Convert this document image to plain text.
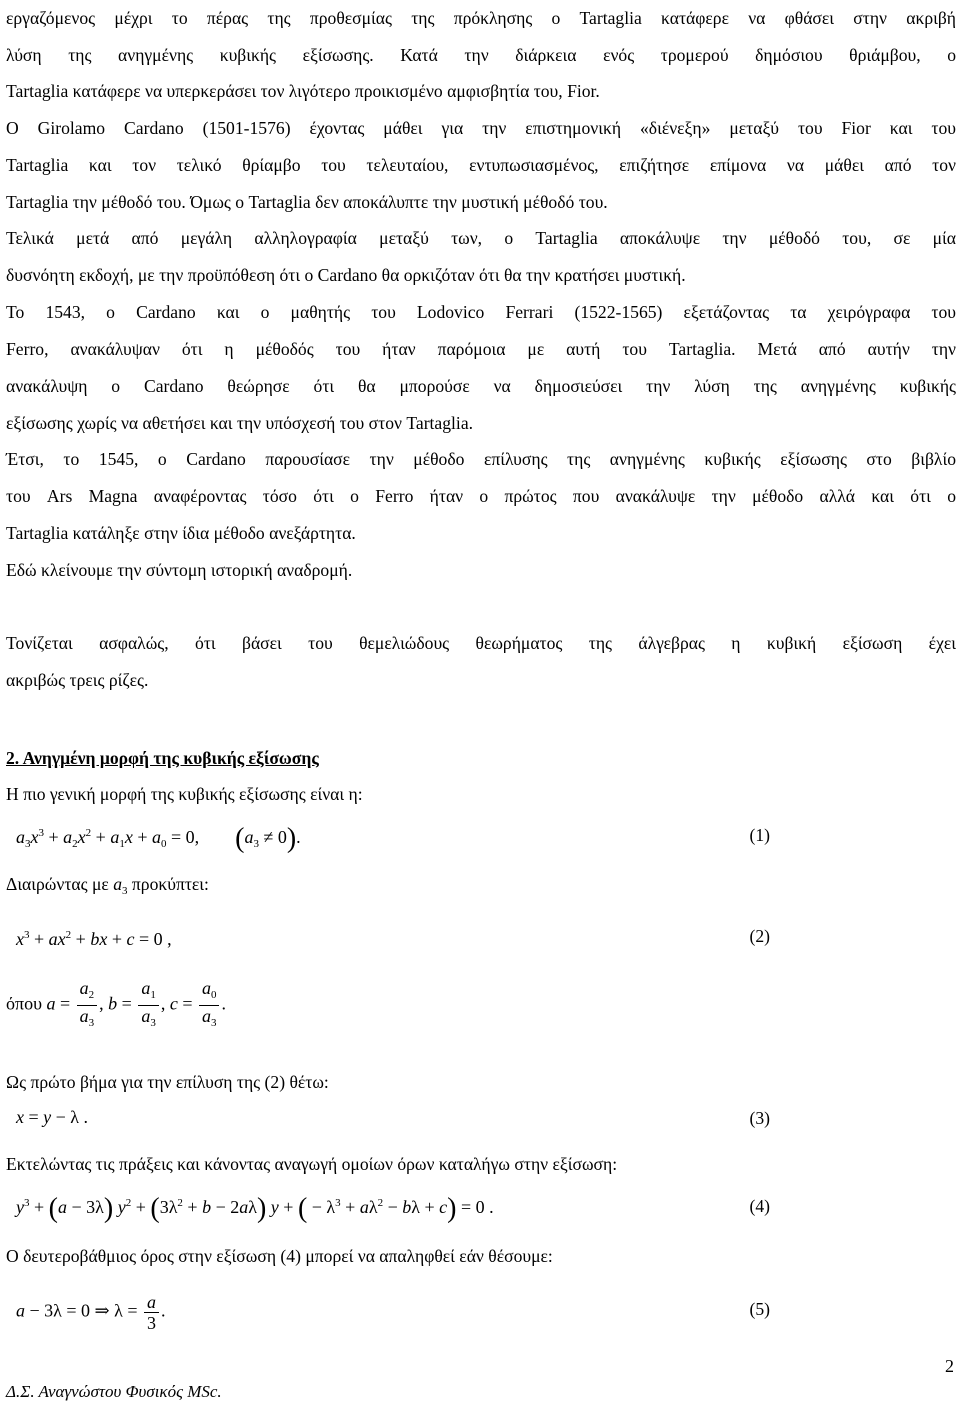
εργαζόμενος μέχρι το πέρας της προθεσμίας της πρόκλησης ο Tartaglia κατάφερε να φθάσει στην ακριβή
λύση της ανηγμένης κυβικής εξίσωσης. Κατά την διάρκεια ενός τρομερού δημόσιου θριάμβου, ο
Tartaglia κατάφερε να υπερκεράσει τον λιγότερο προικισμένο αμφισβητία του, Fior.
Ο Girolamo Cardano (1501-1576) έχοντας μάθει για την επιστημονική «διένεξη» μεταξύ του Fior και του
Tartaglia και τον τελικό θρίαμβο του τελευταίου, εντυπωσιασμένος, επιζήτησε επίμονα να μάθει από τον
Tartaglia την μέθοδό του. Όμως ο Tartaglia δεν αποκάλυπτε την μυστική μέθοδό του.
Τελικά μετά από μεγάλη αλληλογραφία μεταξύ των, ο Tartaglia αποκάλυψε την μέθοδό του, σε μία
δυσνόητη εκδοχή, με την προϋπόθεση ότι ο Cardano θα ορκιζόταν ότι θα την κρατήσει μυστική.
Το 1543, ο Cardano και ο μαθητής του Lodovico Ferrari (1522-1565) εξετάζοντας τα χειρόγραφα του
Ferro, ανακάλυψαν ότι η μέθοδός του ήταν παρόμοια με αυτή του Tartaglia. Μετά από αυτήν την
ανακάλυψη ο Cardano θεώρησε ότι θα μπορούσε να δημοσιεύσει την λύση της ανηγμένης κυβικής
εξίσωσης χωρίς να αθετήσει και την υπόσχεσή του στον Tartaglia.
Έτσι, το 1545, ο Cardano παρουσίασε την μέθοδο επίλυσης της ανηγμένης κυβικής εξίσωσης στο βιβλίο
του Ars Magna αναφέροντας τόσο ότι ο Ferro ήταν ο πρώτος που ανακάλυψε την μέθοδο αλλά και ότι ο
Tartaglia κατάληξε στην ίδια μέθοδο ανεξάρτητα.
Εδώ κλείνουμε την σύντομη ιστορική αναδρομή.
Τονίζεται ασφαλώς, ότι βάσει του θεμελιώδους θεωρήματος της άλγεβρας η κυβική εξίσωση έχει
ακριβώς τρεις ρίζες.
2. Ανηγμένη μορφή της κυβικής εξίσωσης
Η πιο γενική μορφή της κυβικής εξίσωσης είναι η:
$a_3x^3 + a_2x^2 + a_1x + a_0 = 0$,        $(a_3 \ne 0)$.	(1)
Διαιρώντας με $a_3$ προκύπτει:
$x^3 + ax^2$ + bx + c = 0 ,	(2)
όπου $a = \frac{a_2}{a_3}$ , $b = \frac{a_1}{a_3}$ , $c = \frac{a_0}{a_3}$ .
Ως πρώτο βήμα για την επίλυση της (2) θέτω:
x = y − λ .	(3)
Εκτελώντας τις πράξεις και κάνοντας αναγωγή ομοίων όρων καταλήγω στην εξίσωση:
$y^3 + (a - 3\lambda) y^2 + (3\lambda^2 + b - 2a\lambda) y$ + ( − $\lambda^3 + a\lambda^2 - b\lambda + c) = 0$ .	(4)
Ο δευτεροβάθμιος όρος στην εξίσωση (4) μπορεί να απαληφθεί εάν θέσουμε:
a − 3λ = 0 ⇒ $\lambda = \frac{a}{3}$ .	(5)
2
Δ.Σ. Αναγνώστου Φυσικός MSc.
